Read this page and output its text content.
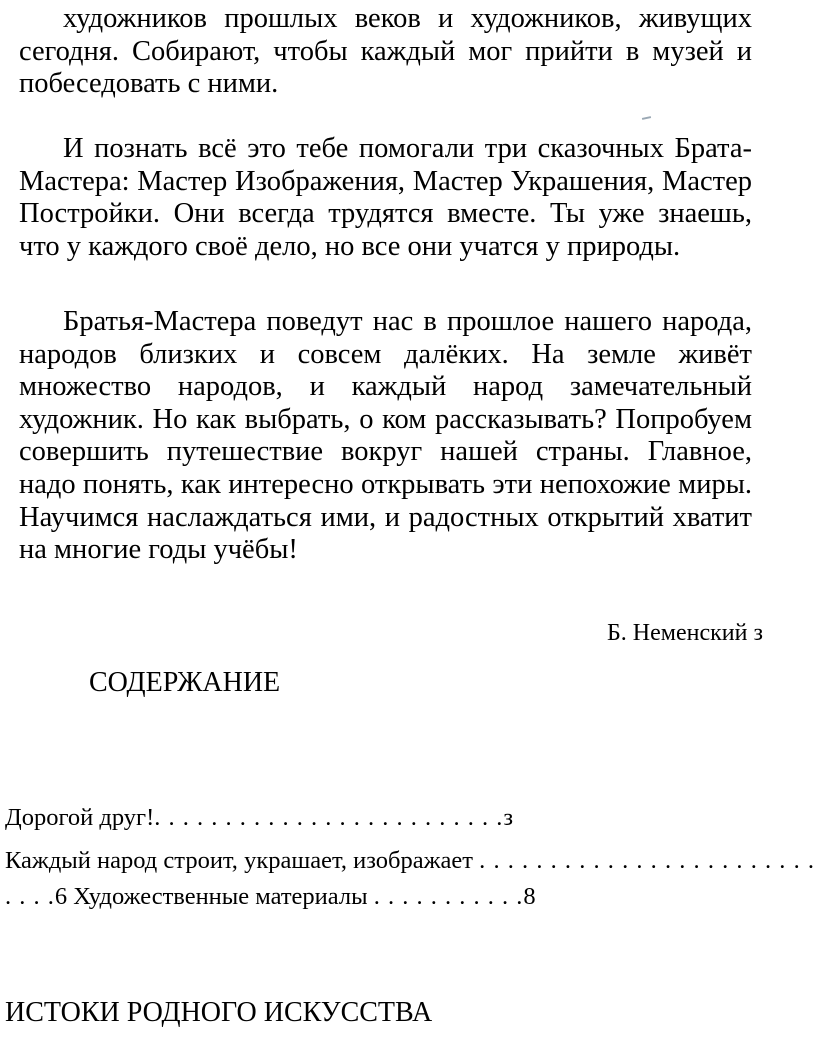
художников прошлых веков и художников, живущих сегодня. Собирают, чтобы каждый мог прийти в музей и побеседовать с ними.

И познать всё это тебе помогали три сказочных Брата-Мастера: Мастер Изображения, Мастер Украшения, Мастер Постройки. Они всегда трудятся вместе. Ты уже знаешь, что у каждого своё дело, но все они учатся у природы.

Братья-Мастера поведут нас в прошлое нашего народа, народов близких и совсем далёких. На земле живёт множество народов, и каждый народ замечательный художник. Но как выбрать, о ком рассказывать? Попробуем совершить путешествие вокруг нашей страны. Главное, надо понять, как интересно открывать эти непохожие миры. Научимся наслаждаться ими, и радостных открытий хватит на многие годы учёбы!

Б. Неменский з
СОДЕРЖАНИЕ

Дорогой друг!. . . . . . . . . . . . . . . . . . . . . . . . .з

Каждый народ строит, украшает, изображает . . . . . . . . . . . . . . . . . . . . . . . . . . . .6 Художественные материалы . . . . . . . . . . .8

ИСТОКИ РОДНОГО ИСКУССТВА
